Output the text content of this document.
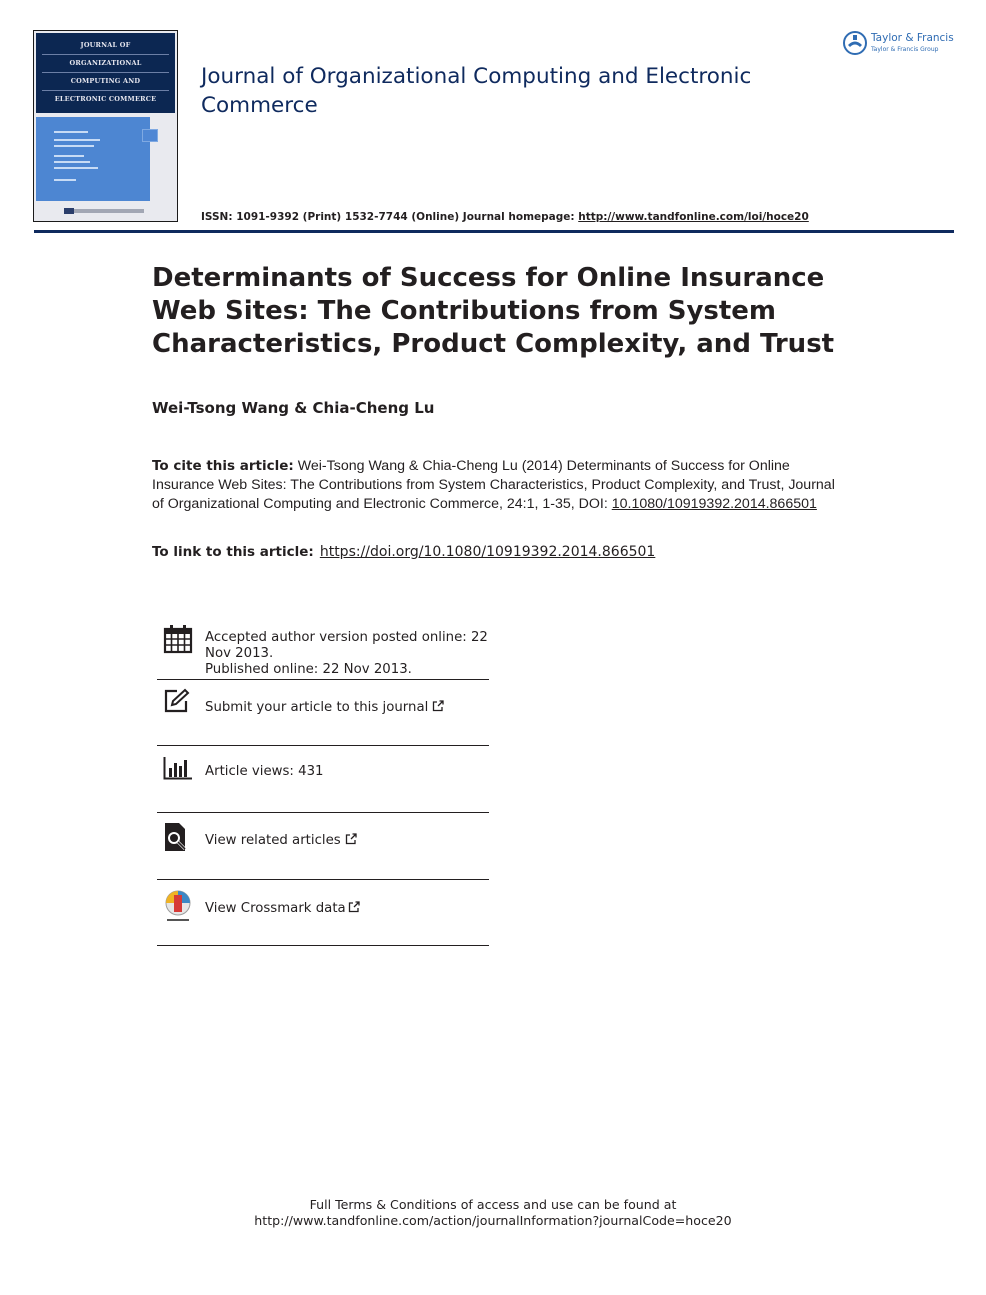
JOURNAL OF
ORGANIZATIONAL
COMPUTING AND
ELECTRONIC COMMERCE
Journal of Organizational Computing and Electronic Commerce
Taylor & Francis
Taylor & Francis Group
ISSN: 1091-9392 (Print) 1532-7744 (Online) Journal homepage: http://www.tandfonline.com/loi/hoce20
Determinants of Success for Online Insurance Web Sites: The Contributions from System Characteristics, Product Complexity, and Trust
Wei-Tsong Wang & Chia-Cheng Lu
To cite this article: Wei-Tsong Wang & Chia-Cheng Lu (2014) Determinants of Success for Online Insurance Web Sites: The Contributions from System Characteristics, Product Complexity, and Trust, Journal of Organizational Computing and Electronic Commerce, 24:1, 1-35, DOI: 10.1080/10919392.2014.866501
To link to this article: https://doi.org/10.1080/10919392.2014.866501
Accepted author version posted online: 22 Nov 2013.
Published online: 22 Nov 2013.
Submit your article to this journal
Article views: 431
View related articles
View Crossmark data
Full Terms & Conditions of access and use can be found at
http://www.tandfonline.com/action/journalInformation?journalCode=hoce20
